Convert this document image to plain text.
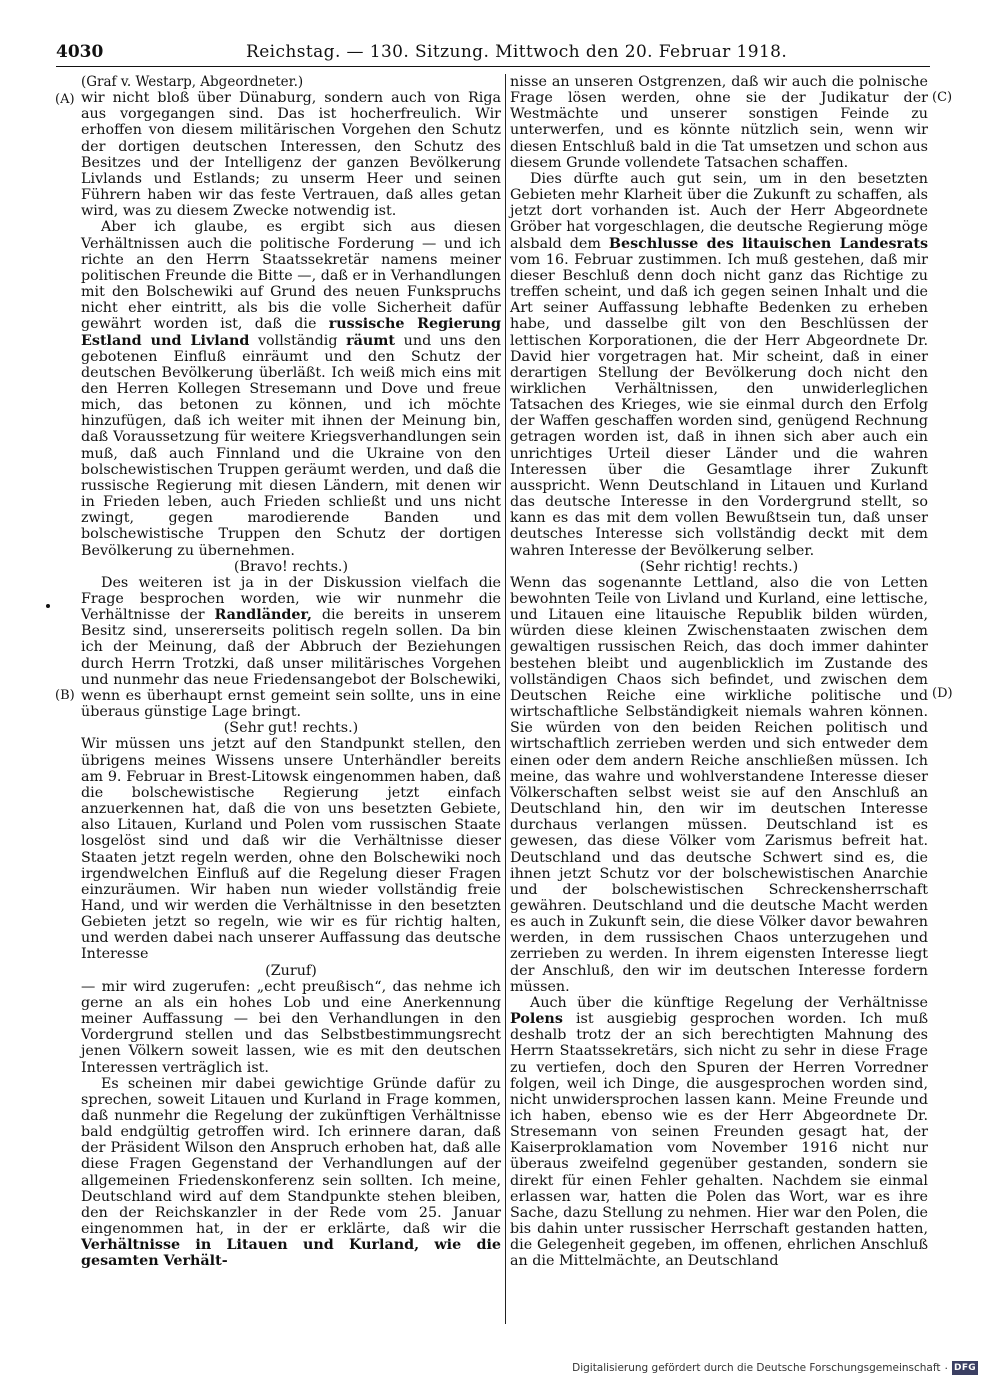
4030	Reichstag. — 130. Sitzung. Mittwoch den 20. Februar 1918.
(A)
(B)
(C)
(D)

(Graf v. Westarp, Abgeordneter.)

wir nicht bloß über Dünaburg, sondern auch von Riga aus vorgegangen sind. Das ist hocherfreulich. Wir erhoffen von diesem militärischen Vorgehen den Schutz der dortigen deutschen Interessen, den Schutz des Besitzes und der Intelligenz der ganzen Bevölkerung Livlands und Estlands; zu unserm Heer und seinen Führern haben wir das feste Vertrauen, daß alles getan wird, was zu diesem Zwecke notwendig ist.

Aber ich glaube, es ergibt sich aus diesen Verhältnissen auch die politische Forderung — und ich richte an den Herrn Staatssekretär namens meiner politischen Freunde die Bitte —, daß er in Verhandlungen mit den Bolschewiki auf Grund des neuen Funkspruchs nicht eher eintritt, als bis die volle Sicherheit dafür gewährt worden ist, daß die russische Regierung Estland und Livland vollständig räumt und uns den gebotenen Einfluß einräumt und den Schutz der deutschen Bevölkerung überläßt. Ich weiß mich eins mit den Herren Kollegen Stresemann und Dove und freue mich, das betonen zu können, und ich möchte hinzufügen, daß ich weiter mit ihnen der Meinung bin, daß Voraussetzung für weitere Kriegsverhandlungen sein muß, daß auch Finnland und die Ukraine von den bolschewistischen Truppen geräumt werden, und daß die russische Regierung mit diesen Ländern, mit denen wir in Frieden leben, auch Frieden schließt und uns nicht zwingt, gegen marodierende Banden und bolschewistische Truppen den Schutz der dortigen Bevölkerung zu übernehmen.

(Bravo! rechts.)

Des weiteren ist ja in der Diskussion vielfach die Frage besprochen worden, wie wir nunmehr die Verhältnisse der Randländer, die bereits in unserem Besitz sind, unsererseits politisch regeln sollen. Da bin ich der Meinung, daß der Abbruch der Beziehungen durch Herrn Trotzki, daß unser militärisches Vorgehen und nunmehr das neue Friedensangebot der Bolschewiki, wenn es überhaupt ernst gemeint sein sollte, uns in eine überaus günstige Lage bringt.

(Sehr gut! rechts.)

Wir müssen uns jetzt auf den Standpunkt stellen, den übrigens meines Wissens unsere Unterhändler bereits am 9. Februar in Brest-Litowsk eingenommen haben, daß die bolschewistische Regierung jetzt einfach anzuerkennen hat, daß die von uns besetzten Gebiete, also Litauen, Kurland und Polen vom russischen Staate losgelöst sind und daß wir die Verhältnisse dieser Staaten jetzt regeln werden, ohne den Bolschewiki noch irgendwelchen Einfluß auf die Regelung dieser Fragen einzuräumen. Wir haben nun wieder vollständig freie Hand, und wir werden die Verhältnisse in den besetzten Gebieten jetzt so regeln, wie wir es für richtig halten, und werden dabei nach unserer Auffassung das deutsche Interesse

(Zuruf)

— mir wird zugerufen: „echt preußisch“, das nehme ich gerne an als ein hohes Lob und eine Anerkennung meiner Auffassung — bei den Verhandlungen in den Vordergrund stellen und das Selbstbestimmungsrecht jenen Völkern soweit lassen, wie es mit den deutschen Interessen verträglich ist.

Es scheinen mir dabei gewichtige Gründe dafür zu sprechen, soweit Litauen und Kurland in Frage kommen, daß nunmehr die Regelung der zukünftigen Verhältnisse bald endgültig getroffen wird. Ich erinnere daran, daß der Präsident Wilson den Anspruch erhoben hat, daß alle diese Fragen Gegenstand der Verhandlungen auf der allgemeinen Friedenskonferenz sein sollten. Ich meine, Deutschland wird auf dem Standpunkte stehen bleiben, den der Reichskanzler in der Rede vom 25. Januar eingenommen hat, in der er erklärte, daß wir die Verhältnisse in Litauen und Kurland, wie die gesamten Verhält-

nisse an unseren Ostgrenzen, daß wir auch die polnische Frage lösen werden, ohne sie der Judikatur der Westmächte und unserer sonstigen Feinde zu unterwerfen, und es könnte nützlich sein, wenn wir diesen Entschluß bald in die Tat umsetzen und schon aus diesem Grunde vollendete Tatsachen schaffen.

Dies dürfte auch gut sein, um in den besetzten Gebieten mehr Klarheit über die Zukunft zu schaffen, als jetzt dort vorhanden ist. Auch der Herr Abgeordnete Gröber hat vorgeschlagen, die deutsche Regierung möge alsbald dem Beschlusse des litauischen Landesrats vom 16. Februar zustimmen. Ich muß gestehen, daß mir dieser Beschluß denn doch nicht ganz das Richtige zu treffen scheint, und daß ich gegen seinen Inhalt und die Art seiner Auffassung lebhafte Bedenken zu erheben habe, und dasselbe gilt von den Beschlüssen der lettischen Korporationen, die der Herr Abgeordnete Dr. David hier vorgetragen hat. Mir scheint, daß in einer derartigen Stellung der Bevölkerung doch nicht den wirklichen Verhältnissen, den unwiderleglichen Tatsachen des Krieges, wie sie einmal durch den Erfolg der Waffen geschaffen worden sind, genügend Rechnung getragen worden ist, daß in ihnen sich aber auch ein unrichtiges Urteil dieser Länder und die wahren Interessen über die Gesamtlage ihrer Zukunft ausspricht. Wenn Deutschland in Litauen und Kurland das deutsche Interesse in den Vordergrund stellt, so kann es das mit dem vollen Bewußtsein tun, daß unser deutsches Interesse sich vollständig deckt mit dem wahren Interesse der Bevölkerung selber.

(Sehr richtig! rechts.)

Wenn das sogenannte Lettland, also die von Letten bewohnten Teile von Livland und Kurland, eine lettische, und Litauen eine litauische Republik bilden würden, würden diese kleinen Zwischenstaaten zwischen dem gewaltigen russischen Reich, das doch immer dahinter bestehen bleibt und augenblicklich im Zustande des vollständigen Chaos sich befindet, und zwischen dem Deutschen Reiche eine wirkliche politische und wirtschaftliche Selbständigkeit niemals wahren können. Sie würden von den beiden Reichen politisch und wirtschaftlich zerrieben werden und sich entweder dem einen oder dem andern Reiche anschließen müssen. Ich meine, das wahre und wohlverstandene Interesse dieser Völkerschaften selbst weist sie auf den Anschluß an Deutschland hin, den wir im deutschen Interesse durchaus verlangen müssen. Deutschland ist es gewesen, das diese Völker vom Zarismus befreit hat. Deutschland und das deutsche Schwert sind es, die ihnen jetzt Schutz vor der bolschewistischen Anarchie und der bolschewistischen Schreckensherrschaft gewähren. Deutschland und die deutsche Macht werden es auch in Zukunft sein, die diese Völker davor bewahren werden, in dem russischen Chaos unterzugehen und zerrieben zu werden. In ihrem eigensten Interesse liegt der Anschluß, den wir im deutschen Interesse fordern müssen.

Auch über die künftige Regelung der Verhältnisse Polens ist ausgiebig gesprochen worden. Ich muß deshalb trotz der an sich berechtigten Mahnung des Herrn Staatssekretärs, sich nicht zu sehr in diese Frage zu vertiefen, doch den Spuren der Herren Vorredner folgen, weil ich Dinge, die ausgesprochen worden sind, nicht unwidersprochen lassen kann. Meine Freunde und ich haben, ebenso wie es der Herr Abgeordnete Dr. Stresemann von seinen Freunden gesagt hat, der Kaiserproklamation vom November 1916 nicht nur überaus zweifelnd gegenüber gestanden, sondern sie direkt für einen Fehler gehalten. Nachdem sie einmal erlassen war, hatten die Polen das Wort, war es ihre Sache, dazu Stellung zu nehmen. Hier war den Polen, die bis dahin unter russischer Herrschaft gestanden hatten, die Gelegenheit gegeben, im offenen, ehrlichen Anschluß an die Mittelmächte, an Deutschland

Digitalisierung gefördert durch die Deutsche Forschungsgemeinschaft · DFG
